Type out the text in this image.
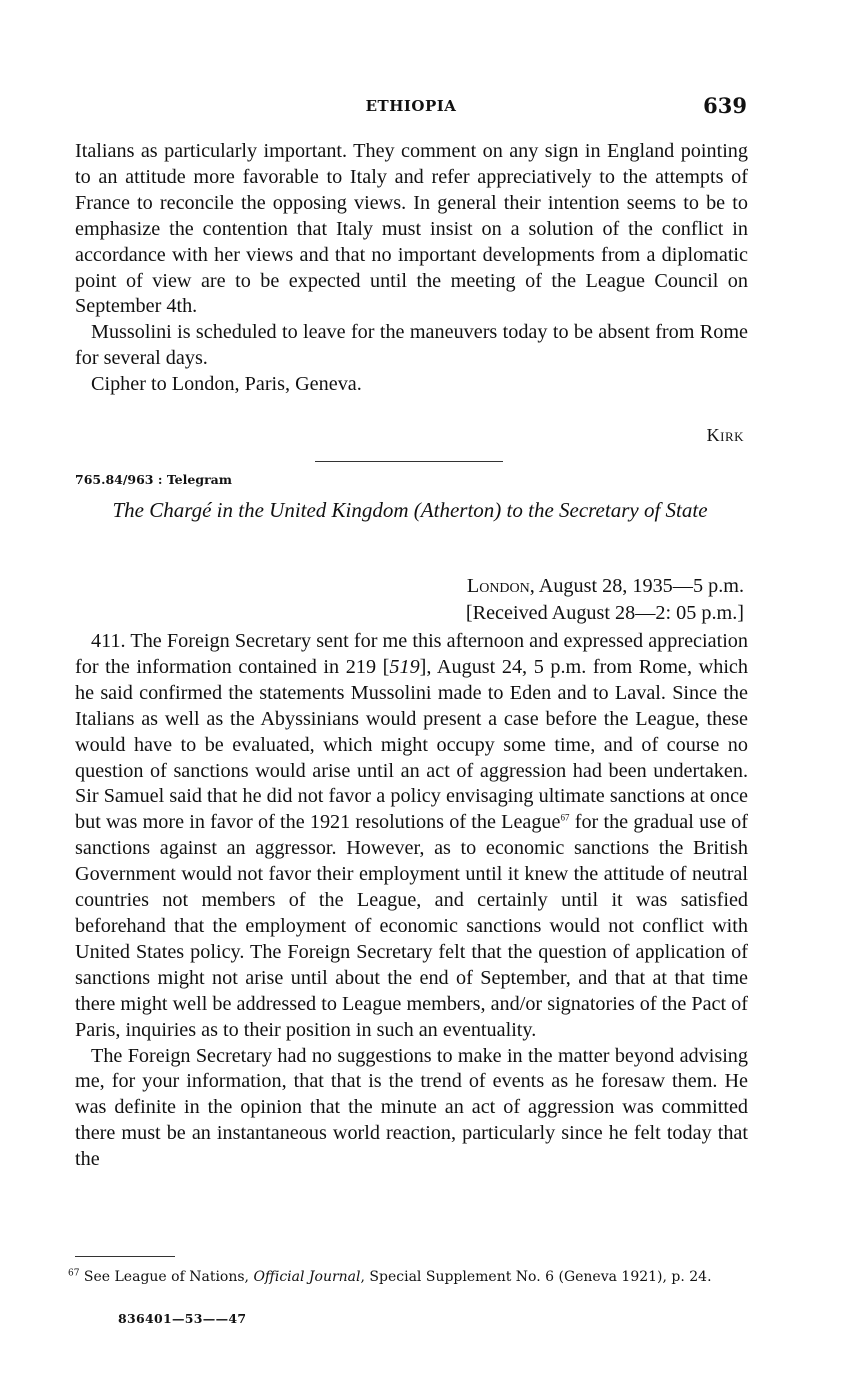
ETHIOPIA	639

Italians as particularly important. They comment on any sign in England pointing to an attitude more favorable to Italy and refer appreciatively to the attempts of France to reconcile the opposing views. In general their intention seems to be to emphasize the contention that Italy must insist on a solution of the conflict in accordance with her views and that no important developments from a diplomatic point of view are to be expected until the meeting of the League Council on September 4th.

Mussolini is scheduled to leave for the maneuvers today to be absent from Rome for several days.

Cipher to London, Paris, Geneva.

Kirk
765.84/963 : Telegram
The Chargé in the United Kingdom (Atherton) to the Secretary of State
London, August 28, 1935—5 p.m.
[Received August 28—2: 05 p.m.]

411. The Foreign Secretary sent for me this afternoon and expressed appreciation for the information contained in 219 [519], August 24, 5 p.m. from Rome, which he said confirmed the statements Mussolini made to Eden and to Laval. Since the Italians as well as the Abyssinians would present a case before the League, these would have to be evaluated, which might occupy some time, and of course no question of sanctions would arise until an act of aggression had been undertaken. Sir Samuel said that he did not favor a policy envisaging ultimate sanctions at once but was more in favor of the 1921 resolutions of the League$^{67}$ for the gradual use of sanctions against an aggressor. However, as to economic sanctions the British Government would not favor their employment until it knew the attitude of neutral countries not members of the League, and certainly until it was satisfied beforehand that the employment of economic sanctions would not conflict with United States policy. The Foreign Secretary felt that the question of application of sanctions might not arise until about the end of September, and that at that time there might well be addressed to League members, and/or signatories of the Pact of Paris, inquiries as to their position in such an eventuality.

The Foreign Secretary had no suggestions to make in the matter beyond advising me, for your information, that that is the trend of events as he foresaw them. He was definite in the opinion that the minute an act of aggression was committed there must be an instantaneous world reaction, particularly since he felt today that the

$^{67}$ See League of Nations, Official Journal, Special Supplement No. 6 (Geneva 1921), p. 24.
836401—53——47
